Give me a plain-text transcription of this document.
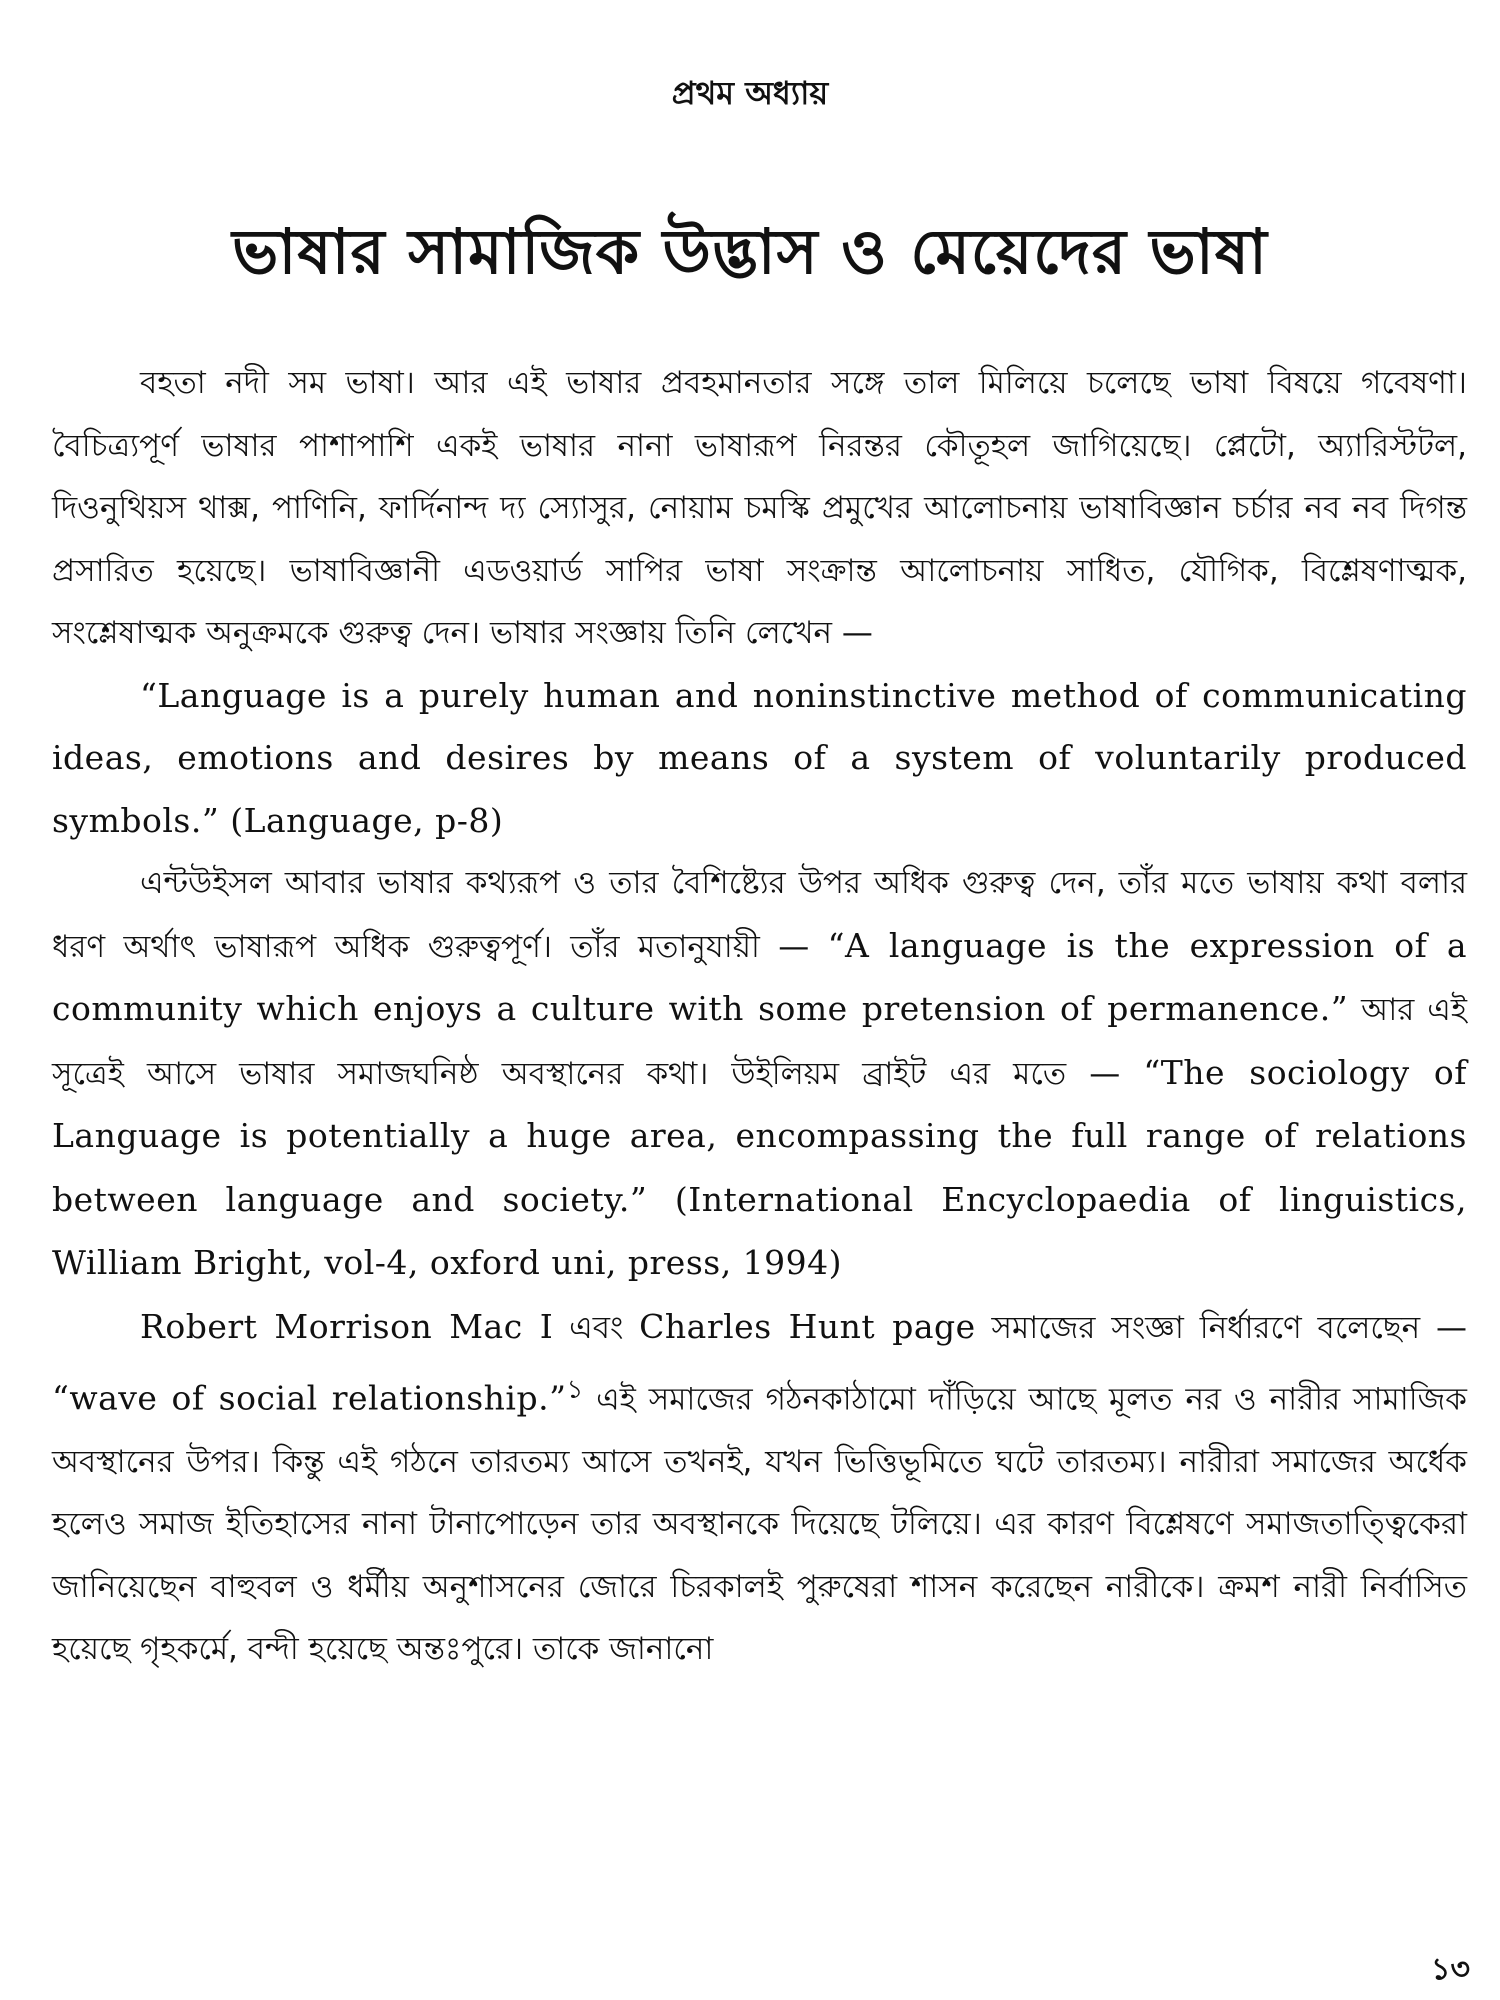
প্রথম অধ্যায়
ভাষার সামাজিক উদ্ভাস ও মেয়েদের ভাষা

বহতা নদী সম ভাষা। আর এই ভাষার প্রবহমানতার সঙ্গে তাল মিলিয়ে চলেছে ভাষা বিষয়ে গবেষণা। বৈচিত্র্যপূর্ণ ভাষার পাশাপাশি একই ভাষার নানা ভাষারূপ নিরন্তর কৌতূহল জাগিয়েছে। প্লেটো, অ্যারিস্টটল, দিওনুথিয়স থাক্স, পাণিনি, ফার্দিনান্দ দ্য স্যোসুর, নোয়াম চমস্কি প্রমুখের আলোচনায় ভাষাবিজ্ঞান চর্চার নব নব দিগন্ত প্রসারিত হয়েছে। ভাষাবিজ্ঞানী এডওয়ার্ড সাপির ভাষা সংক্রান্ত আলোচনায় সাধিত, যৌগিক, বিশ্লেষণাত্মক, সংশ্লেষাত্মক অনুক্রমকে গুরুত্ব দেন। ভাষার সংজ্ঞায় তিনি লেখেন —

“Language is a purely human and noninstinctive method of communicating ideas, emotions and desires by means of a system of voluntarily produced symbols.” (Language, p-8)

এন্টউইসল আবার ভাষার কথ্যরূপ ও তার বৈশিষ্ট্যের উপর অধিক গুরুত্ব দেন, তাঁর মতে ভাষায় কথা বলার ধরণ অর্থাৎ ভাষারূপ অধিক গুরুত্বপূর্ণ। তাঁর মতানুযায়ী — “A language is the expression of a community which enjoys a culture with some pretension of permanence.” আর এই সূত্রেই আসে ভাষার সমাজঘনিষ্ঠ অবস্থানের কথা। উইলিয়ম ব্রাইট এর মতে — “The sociology of Language is potentially a huge area, encompassing the full range of relations between language and society.” (International Encyclopaedia of linguistics, William Bright, vol-4, oxford uni, press, 1994)

Robert Morrison Mac I এবং Charles Hunt page সমাজের সংজ্ঞা নির্ধারণে বলেছেন — “wave of social relationship.”$^১$ এই সমাজের গঠনকাঠামো দাঁড়িয়ে আছে মূলত নর ও নারীর সামাজিক অবস্থানের উপর। কিন্তু এই গঠনে তারতম্য আসে তখনই, যখন ভিত্তিভূমিতে ঘটে তারতম্য। নারীরা সমাজের অর্ধেক হলেও সমাজ ইতিহাসের নানা টানাপোড়েন তার অবস্থানকে দিয়েছে টলিয়ে। এর কারণ বিশ্লেষণে সমাজতাত্ত্বিকেরা জানিয়েছেন বাহুবল ও ধর্মীয় অনুশাসনের জোরে চিরকালই পুরুষেরা শাসন করেছেন নারীকে। ক্রমশ নারী নির্বাসিত হয়েছে গৃহকর্মে, বন্দী হয়েছে অন্তঃপুরে। তাকে জানানো

১৩
